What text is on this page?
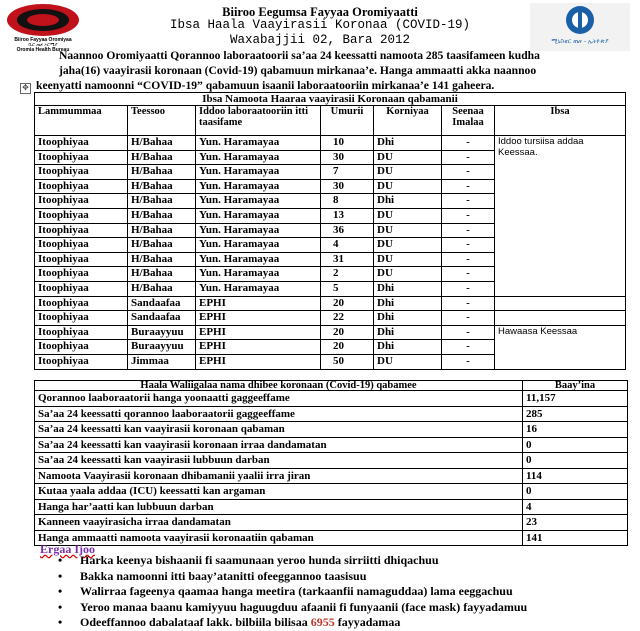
Biiroo Fayyaa Oromiyaa
ቢሮ ጤና ኦሮሚያ
Oromia Health Bureau
ሚኒስቴር ጤና - ኢትዮጵያ
Biiroo Eegumsa Fayyaa Oromiyaatti
Ibsa Haala Vaayirasii Koronaa (COVID-19)
Waxabajjii 02, Bara 2012
Naannoo Oromiyaatti Qorannoo laboraatoorii sa’aa 24 keessatti namoota 285 taasifameen kudha
jaha(16) vaayirasii koronaan (Covid-19) qabamuun mirkanaa’e. Hanga ammaatti akka naannoo
keenyatti namoonni “COVID-19” qabamuun isaanii laboraatooriin mirkanaa’e 141 gaheera.
✥
Ibsa Namoota Haaraa vaayirasii Koronaan qabamanii						
Lammummaa	Teessoo	Iddoo laboraatooriin itti taasifame	Umurii	Korniyaa	Seenaa Imalaa	Ibsa
Itoophiyaa	H/Bahaa	Yun. Haramayaa	10	Dhi	-	Iddoo tursiisa addaa Keessaa.
Itoophiyaa	H/Bahaa	Yun. Haramayaa	30	DU	-	
Itoophiyaa	H/Bahaa	Yun. Haramayaa	7	DU	-	
Itoophiyaa	H/Bahaa	Yun. Haramayaa	30	DU	-	
Itoophiyaa	H/Bahaa	Yun. Haramayaa	8	Dhi	-	
Itoophiyaa	H/Bahaa	Yun. Haramayaa	13	DU	-	
Itoophiyaa	H/Bahaa	Yun. Haramayaa	36	DU	-	
Itoophiyaa	H/Bahaa	Yun. Haramayaa	4	DU	-	
Itoophiyaa	H/Bahaa	Yun. Haramayaa	31	DU	-	
Itoophiyaa	H/Bahaa	Yun. Haramayaa	2	DU	-	
Itoophiyaa	H/Bahaa	Yun. Haramayaa	5	Dhi	-	
Itoophiyaa	Sandaafaa	EPHI	20	Dhi	-	
Itoophiyaa	Sandaafaa	EPHI	22	Dhi	-	
Itoophiyaa	Buraayyuu	EPHI	20	Dhi	-	Hawaasa Keessaa
Itoophiyaa	Buraayyuu	EPHI	20	Dhi	-	
Itoophiyaa	Jimmaa	EPHI	50	DU	-	
Haala Waliigalaa nama dhibee koronaan (Covid-19) qabamee	Baay’ina
Qorannoo laaboraatorii hanga yoonaatti gaggeeffame	11,157
Sa’aa 24 keessatti qorannoo laaboraatorii gaggeeffame	285
Sa’aa 24 keessatti kan vaayirasii koronaan qabaman	16
Sa’aa 24 keessatti kan vaayirasii koronaan irraa dandamatan	0
Sa’aa 24 keessatti kan vaayirasii lubbuun darban	0
Namoota Vaayirasii koronaan dhibamanii yaalii irra jiran	114
Kutaa yaala addaa (ICU) keessatti kan argaman	0
Hanga har’aatti kan lubbuun darban	4
Kanneen vaayirasicha irraa dandamatan	23
Hanga ammaatti namoota vaayirasii koronaatiin qabaman	141
Ergaa Ijoo
• Harka keenya bishaanii fi saamunaan yeroo hunda sirriitti dhiqachuu
• Bakka namoonni itti baay’atanitti ofeeggannoo taasisuu
• Walirraa fageenya qaamaa hanga meetira (tarkaanfii namaguddaa) lama eeggachuu
• Yeroo manaa baanu kamiyyuu haguugduu afaanii fi funyaanii (face mask) fayyadamuu
• Odeeffannoo dabalataaf lakk. bilbiila bilisaa 6955 fayyadamaa
